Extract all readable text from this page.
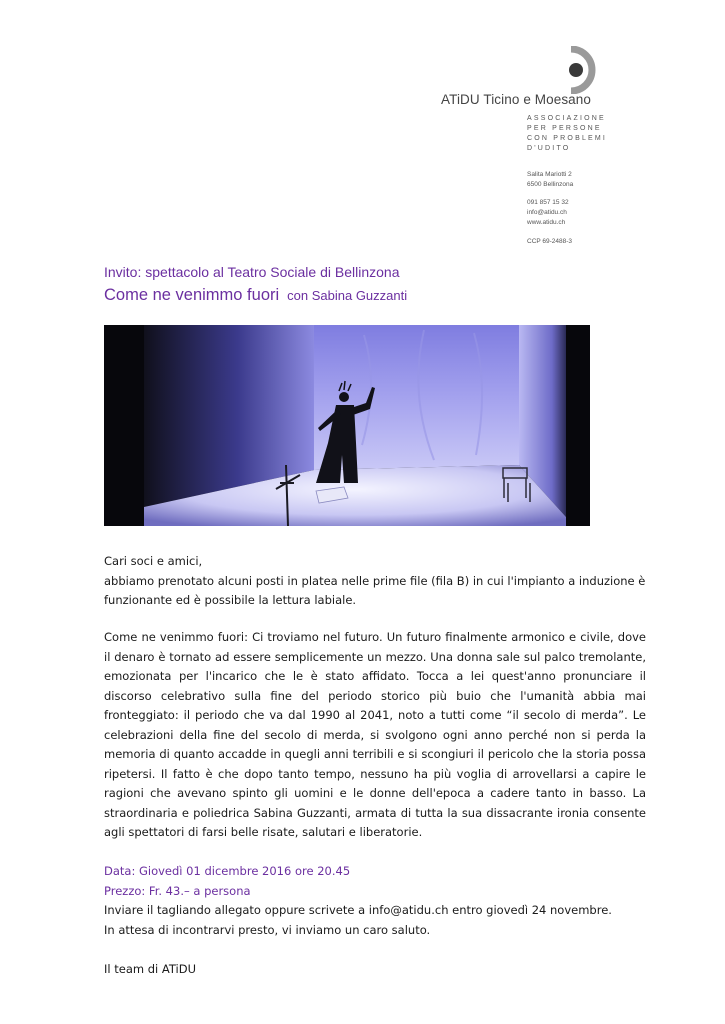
ATiDU Ticino e Moesano
ASSOCIAZIONE
PER PERSONE
CON PROBLEMI
D'UDITO
Salita Mariotti 2
6500 Bellinzona
091 857 15 32
info@atidu.ch
www.atidu.ch
CCP 69-2488-3
Invito: spettacolo al Teatro Sociale di Bellinzona
Come ne venimmo fuori con Sabina Guzzanti

Cari soci e amici,

abbiamo prenotato alcuni posti in platea nelle prime file (fila B) in cui l'impianto a induzione è funzionante ed è possibile la lettura labiale.

Come ne venimmo fuori: Ci troviamo nel futuro. Un futuro finalmente armonico e civile, dove il denaro è tornato ad essere semplicemente un mezzo. Una donna sale sul palco tremolante, emozionata per l'incarico che le è stato affidato. Tocca a lei quest'anno pronunciare il discorso celebrativo sulla fine del periodo storico più buio che l'umanità abbia mai fronteggiato: il periodo che va dal 1990 al 2041, noto a tutti come “il secolo di merda”. Le celebrazioni della fine del secolo di merda, si svolgono ogni anno perché non si perda la memoria di quanto accadde in quegli anni terribili e si scongiuri il pericolo che la storia possa ripetersi. Il fatto è che dopo tanto tempo, nessuno ha più voglia di arrovellarsi a capire le ragioni che avevano spinto gli uomini e le donne dell'epoca a cadere tanto in basso. La straordinaria e poliedrica Sabina Guzzanti, armata di tutta la sua dissacrante ironia consente agli spettatori di farsi belle risate, salutari e liberatorie.

Data: Giovedì 01 dicembre 2016 ore 20.45

Prezzo: Fr. 43.– a persona

Inviare il tagliando allegato oppure scrivete a info@atidu.ch entro giovedì 24 novembre.

In attesa di incontrarvi presto, vi inviamo un caro saluto.

Il team di ATiDU
